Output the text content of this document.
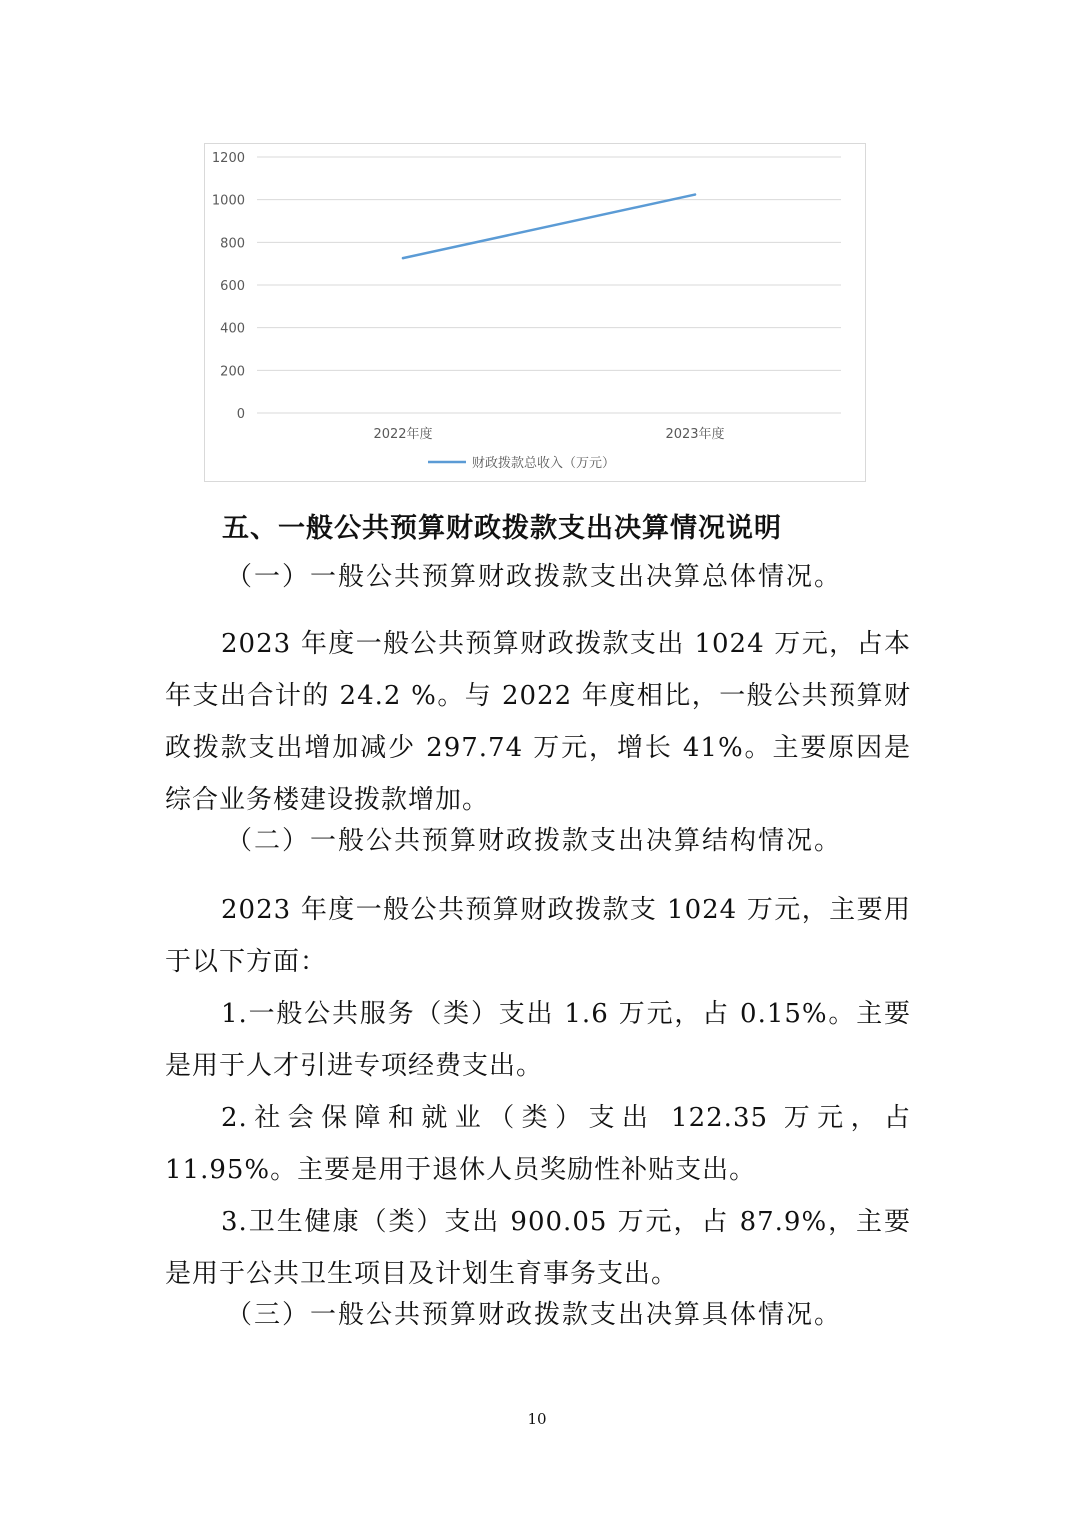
0
200
400
600
800
1000
1200
2022年度	2023年度
财政拨款总收入（万元）
五、一般公共预算财政拨款支出决算情况说明
（一）一般公共预算财政拨款支出决算总体情况。

2023 年度一般公共预算财政拨款支出 1024 万元，占本年支出合计的 24.2 %。与 2022 年度相比，一般公共预算财政拨款支出增加减少 297.74 万元，增长 41%。主要原因是综合业务楼建设拨款增加。

（二）一般公共预算财政拨款支出决算结构情况。

2023 年度一般公共预算财政拨款支 1024 万元，主要用于以下方面：

1.一般公共服务（类）支出 1.6 万元，占 0.15%。主要是用于人才引进专项经费支出。

2.社会保障和就业（类）支出 122.35 万元，占 11.95%。主要是用于退休人员奖励性补贴支出。

3.卫生健康（类）支出 900.05 万元，占 87.9%，主要是用于公共卫生项目及计划生育事务支出。

（三）一般公共预算财政拨款支出决算具体情况。
10
